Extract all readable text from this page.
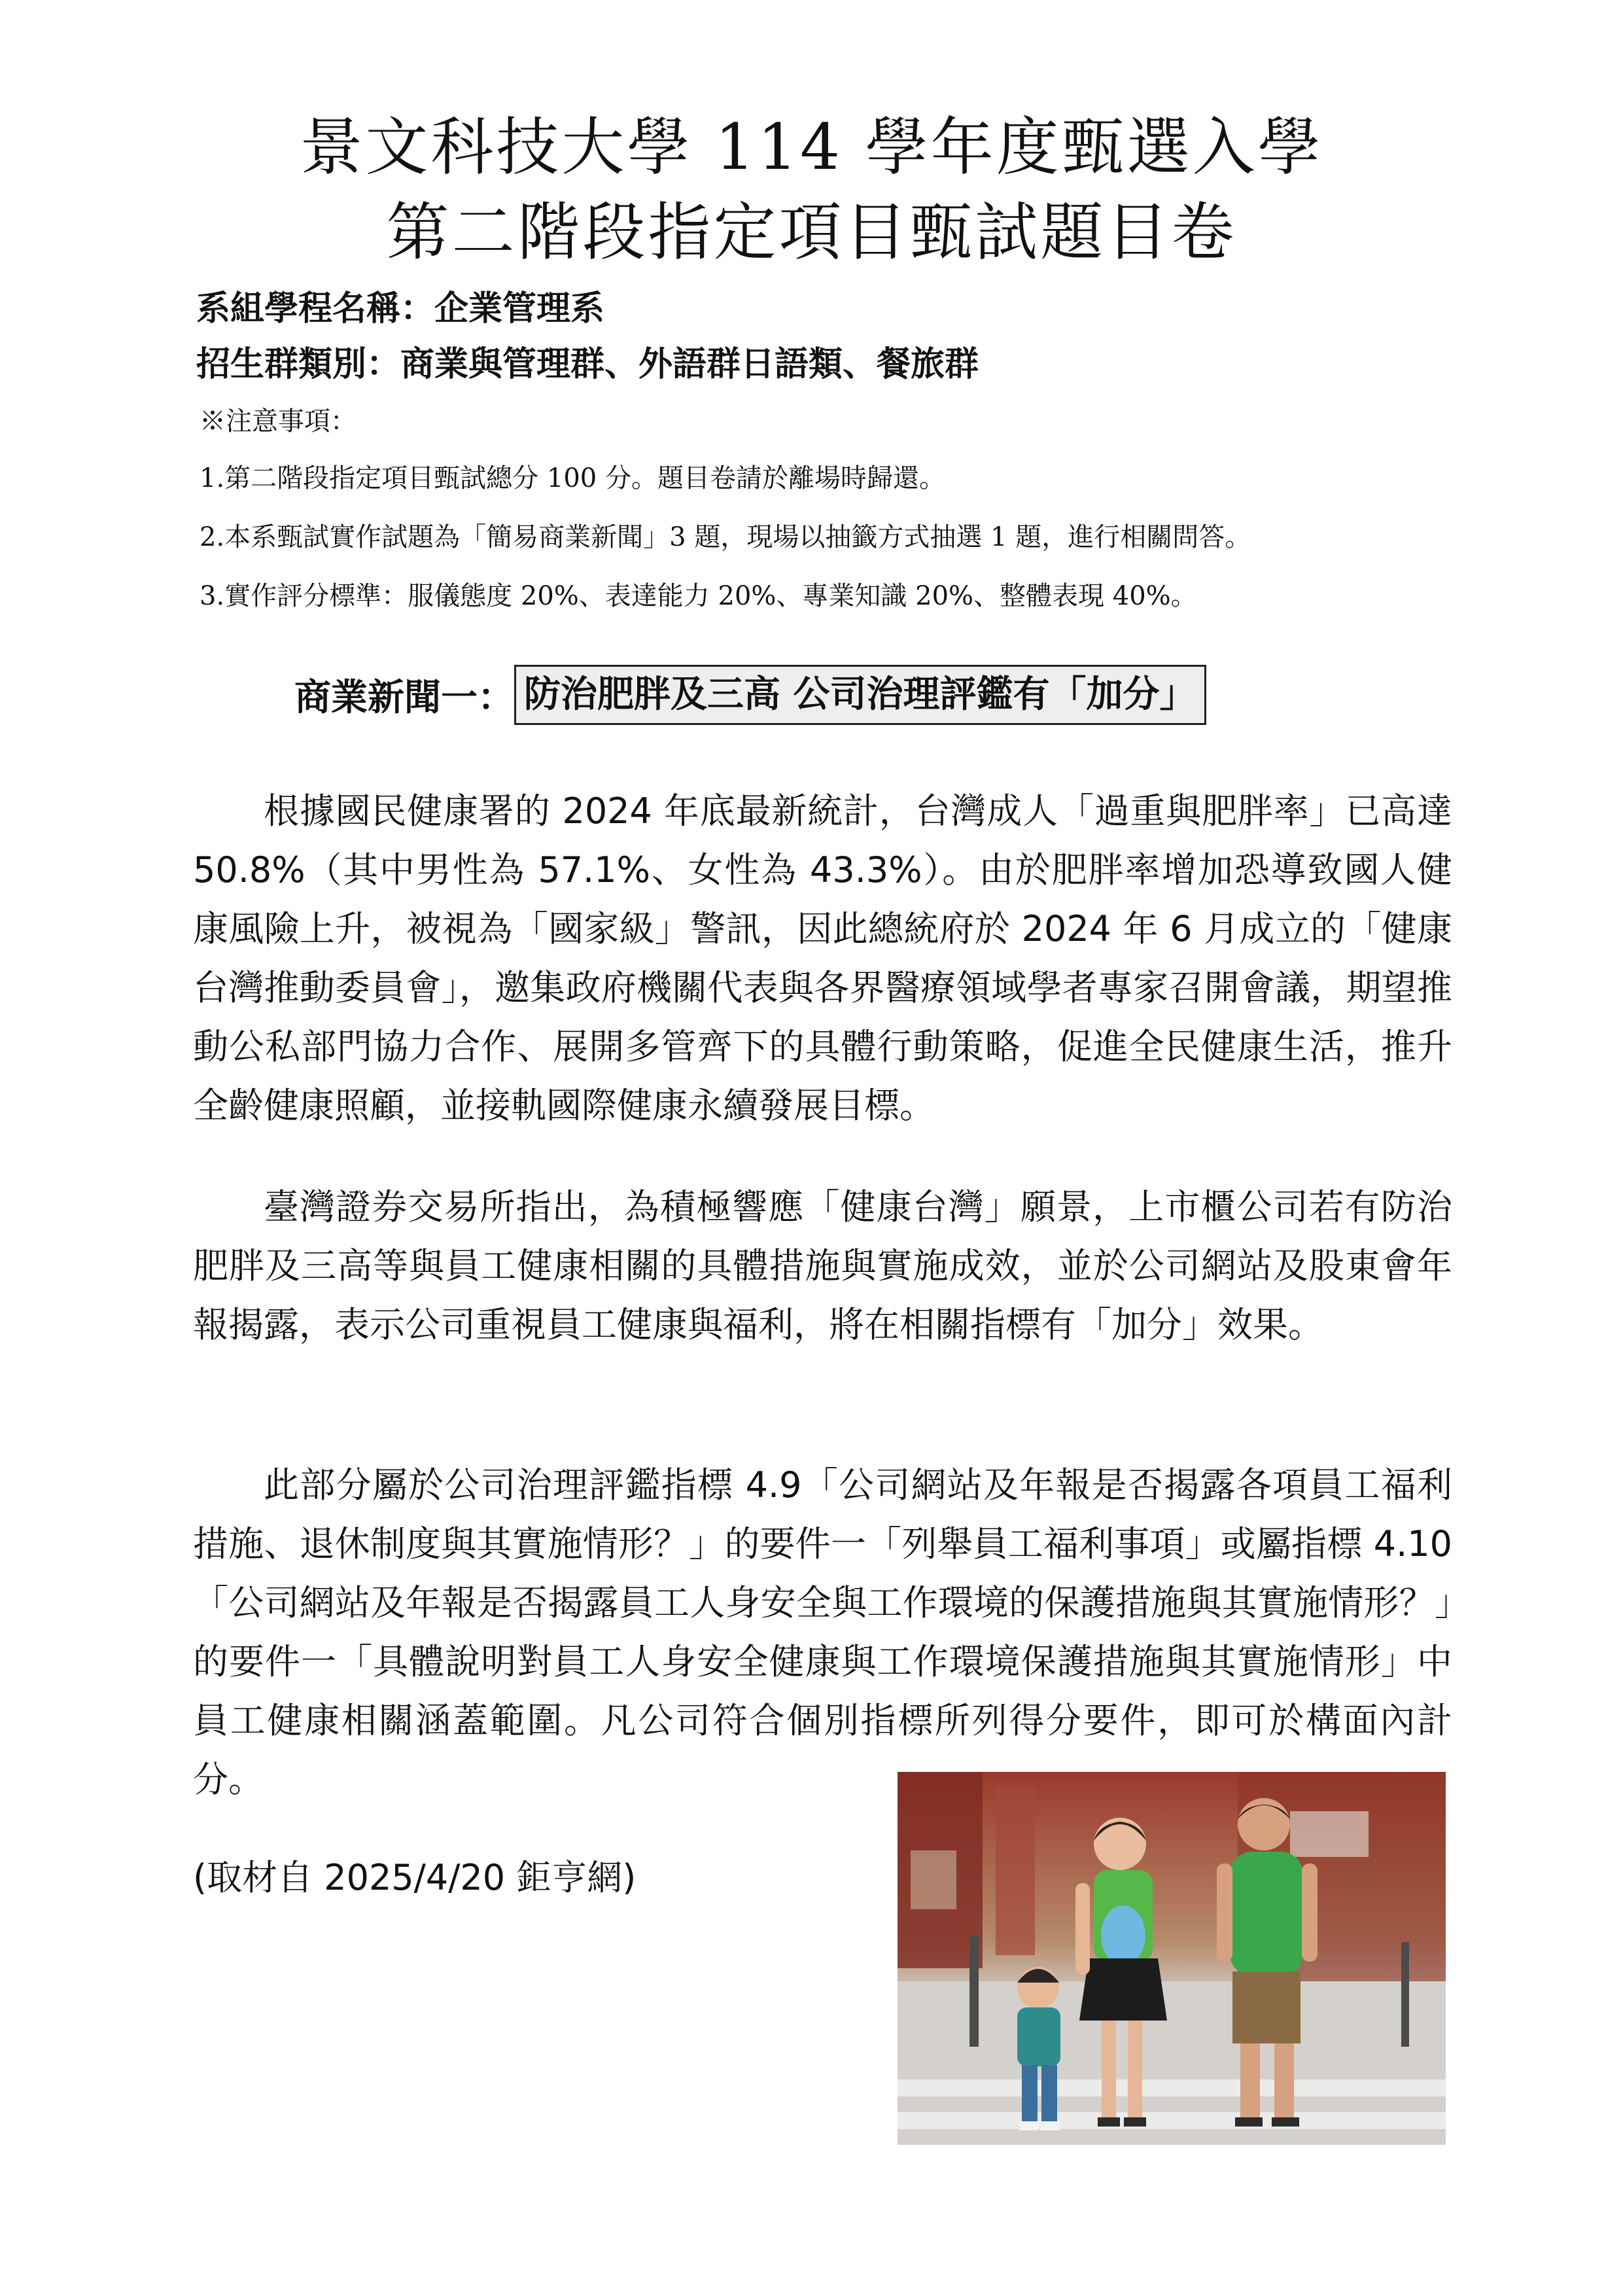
景文科技大學 114 學年度甄選入學
第二階段指定項目甄試題目卷
系組學程名稱：企業管理系
招生群類別：商業與管理群、外語群日語類、餐旅群
※注意事項：
1.第二階段指定項目甄試總分 100 分。題目卷請於離場時歸還。
2.本系甄試實作試題為「簡易商業新聞」3 題，現場以抽籤方式抽選 1 題，進行相關問答。
3.實作評分標準：服儀態度 20%、表達能力 20%、專業知識 20%、整體表現 40%。
商業新聞一： 防治肥胖及三高 公司治理評鑑有「加分」

根據國民健康署的 2024 年底最新統計，台灣成人「過重與肥胖率」已高達 50.8%（其中男性為 57.1%、女性為 43.3%）。由於肥胖率增加恐導致國人健康風險上升，被視為「國家級」警訊，因此總統府於 2024 年 6 月成立的「健康台灣推動委員會」，邀集政府機關代表與各界醫療領域學者專家召開會議，期望推動公私部門協力合作、展開多管齊下的具體行動策略，促進全民健康生活，推升全齡健康照顧，並接軌國際健康永續發展目標。

臺灣證券交易所指出，為積極響應「健康台灣」願景，上市櫃公司若有防治肥胖及三高等與員工健康相關的具體措施與實施成效，並於公司網站及股東會年報揭露，表示公司重視員工健康與福利，將在相關指標有「加分」效果。

此部分屬於公司治理評鑑指標 4.9「公司網站及年報是否揭露各項員工福利措施、退休制度與其實施情形？」的要件一「列舉員工福利事項」或屬指標 4.10「公司網站及年報是否揭露員工人身安全與工作環境的保護措施與其實施情形？」的要件一「具體說明對員工人身安全健康與工作環境保護措施與其實施情形」中員工健康相關涵蓋範圍。凡公司符合個別指標所列得分要件，即可於構面內計分。

(取材自 2025/4/20 鉅亨網)
